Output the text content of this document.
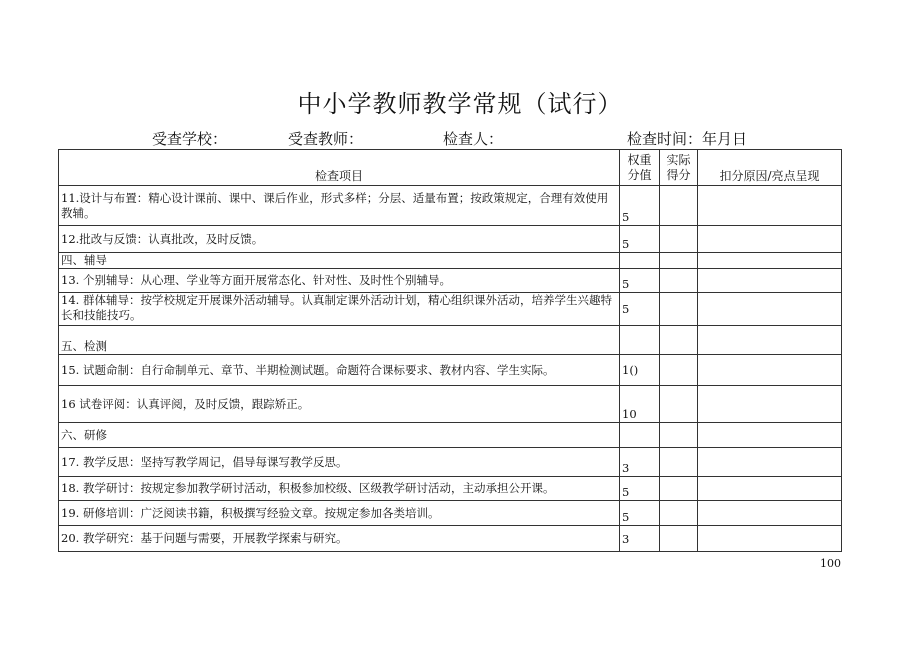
中小学教师教学常规（试行）
受查学校：	受查教师：	检查人：	检查时间：年月日
检查项目	权重分值	实际得分	扣分原因/亮点呈现
11.设计与布置：精心设计课前、课中、课后作业，形式多样；分层、适量布置；按政策规定，合理有效使用教辅。	5		
12.批改与反馈：认真批改，及时反馈。	5		
四、辅导			
13. 个别辅导：从心理、学业等方面开展常态化、针对性、及时性个别辅导。	5		
14. 群体辅导：按学校规定开展课外活动辅导。认真制定课外活动计划，精心组织课外活动，培养学生兴趣特长和技能技巧。	5		
五、检测			
15. 试题命制：自行命制单元、章节、半期检测试题。命题符合课标要求、教材内容、学生实际。	1()		
16 试卷评阅：认真评阅，及时反馈，跟踪矫正。	10		
六、研修			
17. 教学反思：坚持写教学周记，倡导每课写教学反思。	3		
18. 教学研讨：按规定参加教学研讨活动，积极参加校级、区级教学研讨活动，主动承担公开课。	5		
19. 研修培训：广泛阅读书籍，积极撰写经验文章。按规定参加各类培训。	5		
20. 教学研究：基于问题与需要，开展教学探索与研究。	3		
100
